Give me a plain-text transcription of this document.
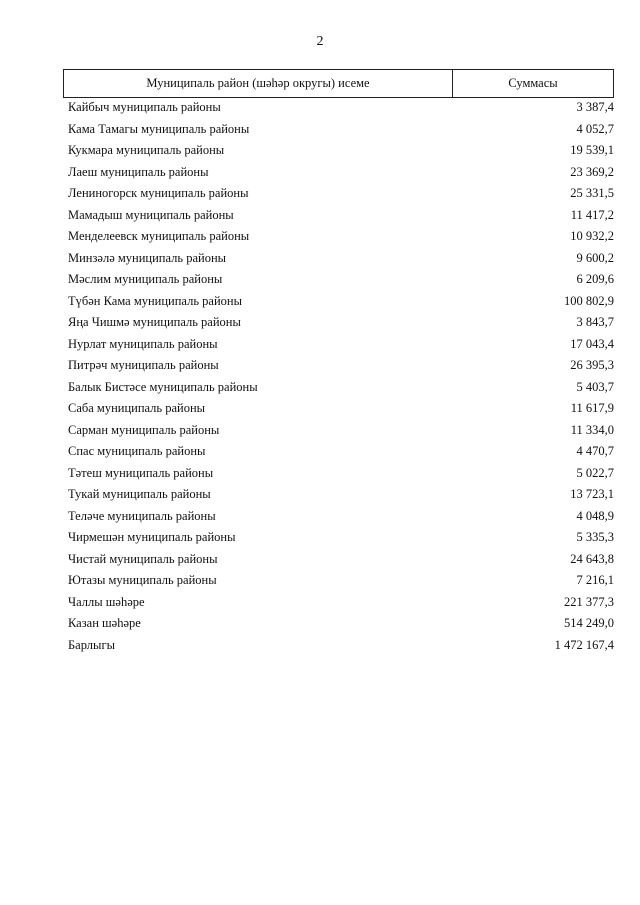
2
Муниципаль район (шәһәр округы) исеме	Суммасы
Кайбыч муниципаль районы	3 387,4
Кама Тамагы муниципаль районы	4 052,7
Кукмара муниципаль районы	19 539,1
Лаеш муниципаль районы	23 369,2
Лениногорск муниципаль районы	25 331,5
Мамадыш муниципаль районы	11 417,2
Менделеевск муниципаль районы	10 932,2
Минзәлә муниципаль районы	9 600,2
Мәслим муниципаль районы	6 209,6
Түбән Кама муниципаль районы	100 802,9
Яңа Чишмә муниципаль районы	3 843,7
Нурлат муниципаль районы	17 043,4
Питрәч муниципаль районы	26 395,3
Балык Бистәсе муниципаль районы	5 403,7
Саба муниципаль районы	11 617,9
Сарман муниципаль районы	11 334,0
Спас муниципаль районы	4 470,7
Тәтеш муниципаль районы	5 022,7
Тукай муниципаль районы	13 723,1
Теләче муниципаль районы	4 048,9
Чирмешән муниципаль районы	5 335,3
Чистай муниципаль районы	24 643,8
Ютазы муниципаль районы	7 216,1
Чаллы шәһәре	221 377,3
Казан шәһәре	514 249,0
Барлыгы	1 472 167,4
